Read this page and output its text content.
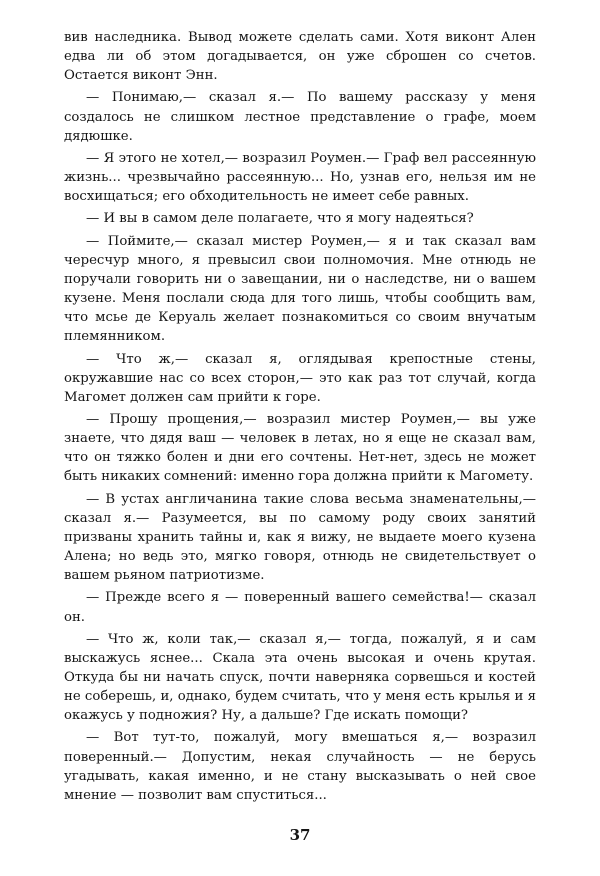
вив наследника. Вывод можете сделать сами. Хотя виконт Ален едва ли об этом догадывается, он уже сброшен со счетов. Остается виконт Энн.

— Понимаю,— сказал я.— По вашему рассказу у меня создалось не слишком лестное представление о графе, моем дядюшке.

— Я этого не хотел,— возразил Роумен.— Граф вел рассеянную жизнь... чрезвычайно рассеянную... Но, узнав его, нельзя им не восхищаться; его обходительность не имеет себе равных.

— И вы в самом деле полагаете, что я могу надеяться?

— Поймите,— сказал мистер Роумен,— я и так сказал вам чересчур много, я превысил свои полномочия. Мне отнюдь не поручали говорить ни о завещании, ни о наследстве, ни о вашем кузене. Меня послали сюда для того лишь, чтобы сообщить вам, что мсье де Керуаль желает познакомиться со своим внучатым племянником.

— Что ж,— сказал я, оглядывая крепостные стены, окружавшие нас со всех сторон,— это как раз тот случай, когда Магомет должен сам прийти к горе.

— Прошу прощения,— возразил мистер Роумен,— вы уже знаете, что дядя ваш — человек в летах, но я еще не сказал вам, что он тяжко болен и дни его сочтены. Нет-нет, здесь не может быть никаких сомнений: именно гора должна прийти к Магомету.

— В устах англичанина такие слова весьма знаменательны,— сказал я.— Разумеется, вы по самому роду своих занятий призваны хранить тайны и, как я вижу, не выдаете моего кузена Алена; но ведь это, мягко говоря, отнюдь не свидетельствует о вашем рьяном патриотизме.

— Прежде всего я — поверенный вашего семейства!— сказал он.

— Что ж, коли так,— сказал я,— тогда, пожалуй, я и сам выскажусь яснее... Скала эта очень высокая и очень крутая. Откуда бы ни начать спуск, почти наверняка сорвешься и костей не соберешь, и, однако, будем считать, что у меня есть крылья и я окажусь у подножия? Ну, а дальше? Где искать помощи?

— Вот тут-то, пожалуй, могу вмешаться я,— возразил поверенный.— Допустим, некая случайность — не берусь угадывать, какая именно, и не стану высказывать о ней свое мнение — позволит вам спуститься...

37
